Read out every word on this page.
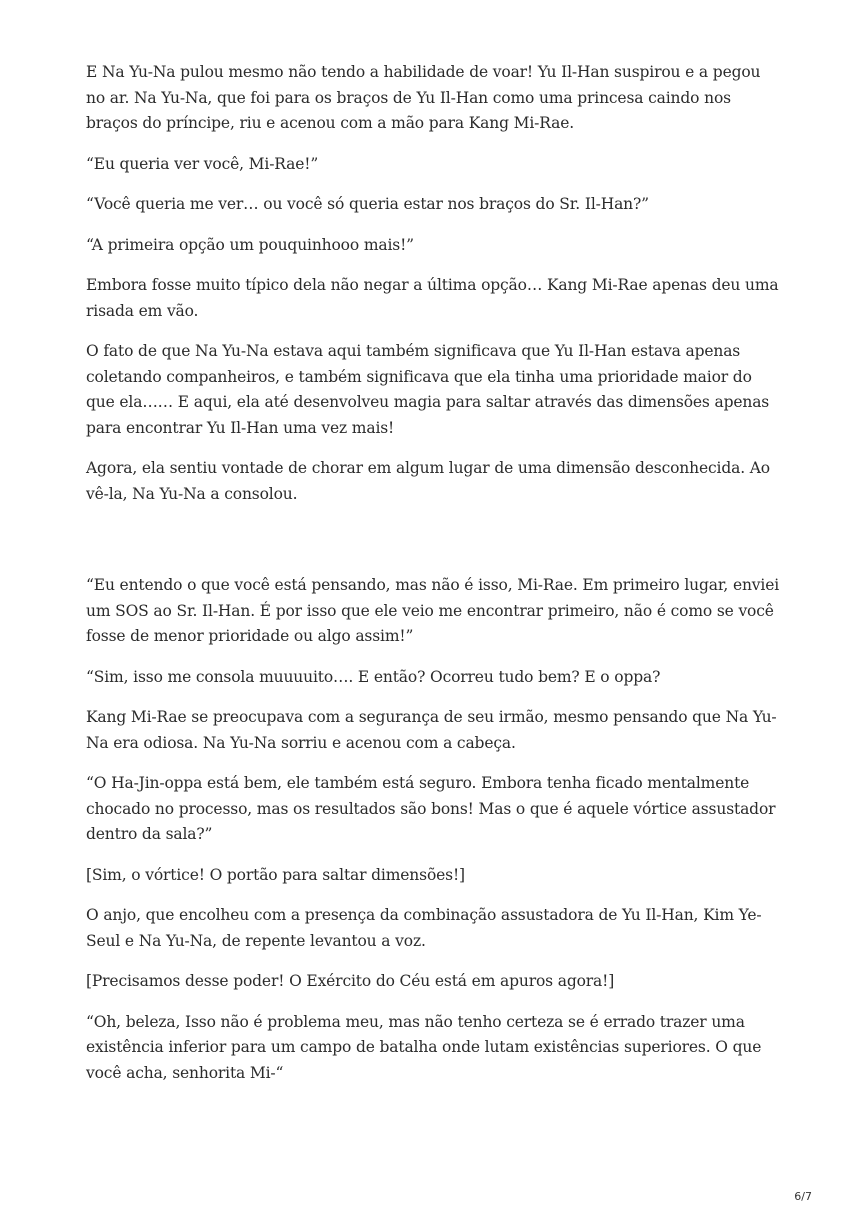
E Na Yu-Na pulou mesmo não tendo a habilidade de voar! Yu Il-Han suspirou e a pegou no ar. Na Yu-Na, que foi para os braços de Yu Il-Han como uma princesa caindo nos braços do príncipe, riu e acenou com a mão para Kang Mi-Rae.

“Eu queria ver você, Mi-Rae!”

“Você queria me ver… ou você só queria estar nos braços do Sr. Il-Han?”

“A primeira opção um pouquinhooo mais!”

Embora fosse muito típico dela não negar a última opção… Kang Mi-Rae apenas deu uma risada em vão.

O fato de que Na Yu-Na estava aqui também significava que Yu Il-Han estava apenas coletando companheiros, e também significava que ela tinha uma prioridade maior do que ela…… E aqui, ela até desenvolveu magia para saltar através das dimensões apenas para encontrar Yu Il-Han uma vez mais!

Agora, ela sentiu vontade de chorar em algum lugar de uma dimensão desconhecida. Ao vê-la, Na Yu-Na a consolou.

“Eu entendo o que você está pensando, mas não é isso, Mi-Rae. Em primeiro lugar, enviei um SOS ao Sr. Il-Han. É por isso que ele veio me encontrar primeiro, não é como se você fosse de menor prioridade ou algo assim!”

“Sim, isso me consola muuuuito…. E então? Ocorreu tudo bem? E o oppa?

Kang Mi-Rae se preocupava com a segurança de seu irmão, mesmo pensando que Na Yu-Na era odiosa. Na Yu-Na sorriu e acenou com a cabeça.

“O Ha-Jin-oppa está bem, ele também está seguro. Embora tenha ficado mentalmente chocado no processo, mas os resultados são bons! Mas o que é aquele vórtice assustador dentro da sala?”

[Sim, o vórtice! O portão para saltar dimensões!]

O anjo, que encolheu com a presença da combinação assustadora de Yu Il-Han, Kim Ye-Seul e Na Yu-Na, de repente levantou a voz.

[Precisamos desse poder! O Exército do Céu está em apuros agora!]

“Oh, beleza, Isso não é problema meu, mas não tenho certeza se é errado trazer uma existência inferior para um campo de batalha onde lutam existências superiores. O que você acha, senhorita Mi-“

6/7
